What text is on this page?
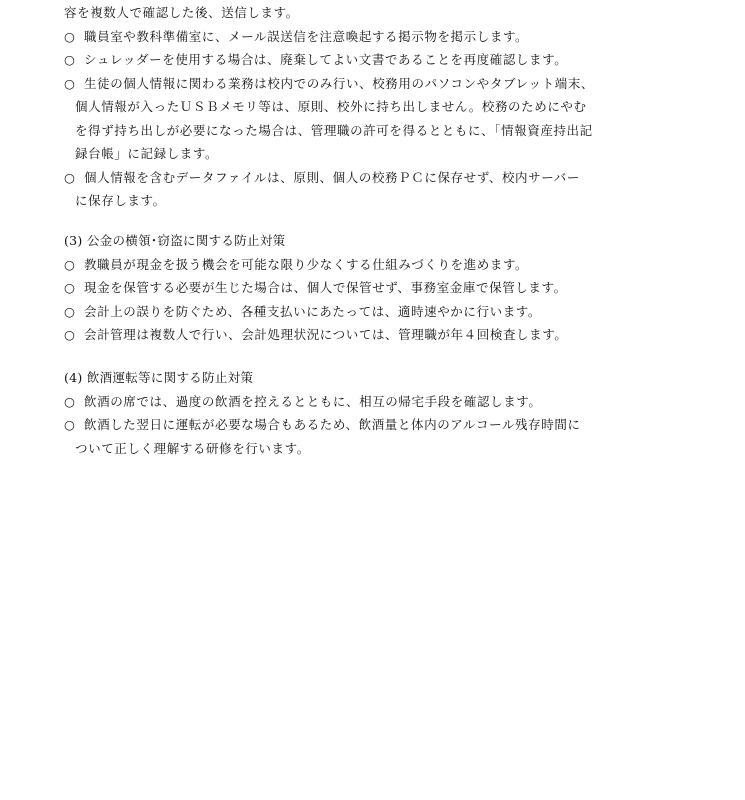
容を複数人で確認した後、送信します。
○ 職員室や教科準備室に、メール誤送信を注意喚起する掲示物を掲示します。
○ シュレッダーを使用する場合は、廃棄してよい文書であることを再度確認します。
○ 生徒の個人情報に関わる業務は校内でのみ行い、校務用のパソコンやタブレット端末、
個人情報が入ったＵＳＢメモリ等は、原則、校外に持ち出しません。校務のためにやむ
を得ず持ち出しが必要になった場合は、管理職の許可を得るとともに、「情報資産持出記
録台帳」に記録します。
○ 個人情報を含むデータファイルは、原則、個人の校務ＰＣに保存せず、校内サーバー
に保存します。
(3) 公金の横領･窃盗に関する防止対策
○ 教職員が現金を扱う機会を可能な限り少なくする仕組みづくりを進めます。
○ 現金を保管する必要が生じた場合は、個人で保管せず、事務室金庫で保管します。
○ 会計上の誤りを防ぐため、各種支払いにあたっては、適時速やかに行います。
○ 会計管理は複数人で行い、会計処理状況については、管理職が年４回検査します。
(4) 飲酒運転等に関する防止対策
○ 飲酒の席では、過度の飲酒を控えるとともに、相互の帰宅手段を確認します。
○ 飲酒した翌日に運転が必要な場合もあるため、飲酒量と体内のアルコール残存時間に
ついて正しく理解する研修を行います。
